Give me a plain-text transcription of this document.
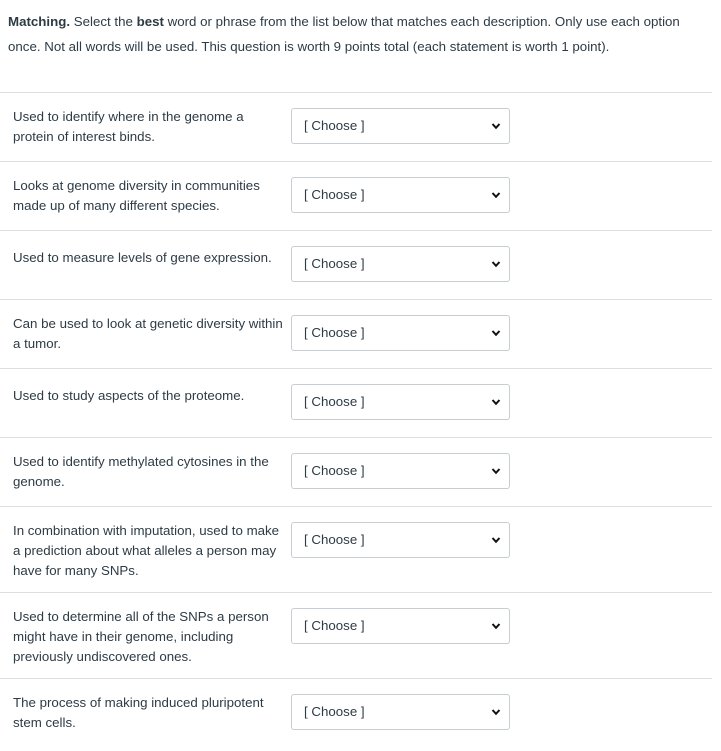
Matching. Select the best word or phrase from the list below that matches each description. Only use each option once. Not all words will be used. This question is worth 9 points total (each statement is worth 1 point).
Used to identify where in the genome a protein of interest binds.
[ Choose ]
Looks at genome diversity in communities made up of many different species.
[ Choose ]
Used to measure levels of gene expression.	[ Choose ]
Can be used to look at genetic diversity within a tumor.
[ Choose ]
Used to study aspects of the proteome.	[ Choose ]
Used to identify methylated cytosines in the genome.
[ Choose ]
In combination with imputation, used to make a prediction about what alleles a person may have for many SNPs.
[ Choose ]
Used to determine all of the SNPs a person might have in their genome, including previously undiscovered ones.
[ Choose ]
The process of making induced pluripotent stem cells.
[ Choose ]
